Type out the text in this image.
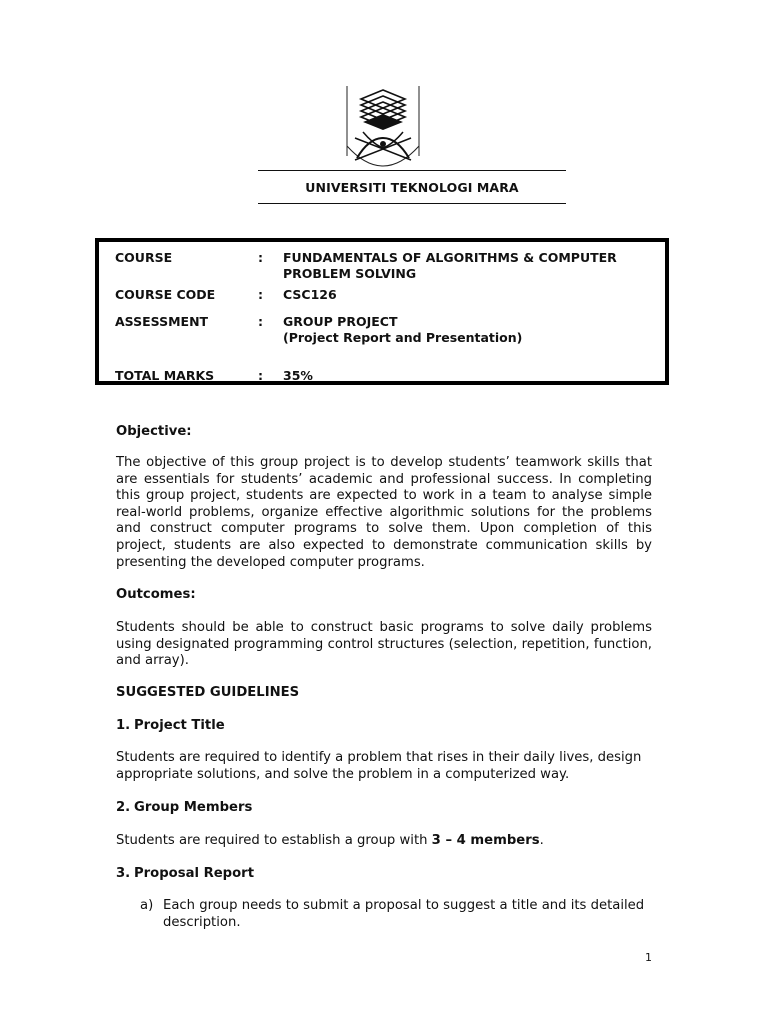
UNIVERSITI TEKNOLOGI MARA
COURSE	: FUNDAMENTALS OF ALGORITHMS & COMPUTER PROBLEM SOLVING
COURSE CODE	: CSC126
ASSESSMENT	: GROUP PROJECT
(Project Report and Presentation)
TOTAL MARKS	: 35%
Objective:
The objective of this group project is to develop students’ teamwork skills that are essentials for students’ academic and professional success. In completing this group project, students are expected to work in a team to analyse simple real-world problems, organize effective algorithmic solutions for the problems and construct computer programs to solve them. Upon completion of this project, students are also expected to demonstrate communication skills by presenting the developed computer programs.
Outcomes:
Students should be able to construct basic programs to solve daily problems using designated programming control structures (selection, repetition, function, and array).
SUGGESTED GUIDELINES
1. Project Title
Students are required to identify a problem that rises in their daily lives, design appropriate solutions, and solve the problem in a computerized way.
2. Group Members
Students are required to establish a group with 3 – 4 members.
3. Proposal Report
a) Each group needs to submit a proposal to suggest a title and its detailed description.
1
